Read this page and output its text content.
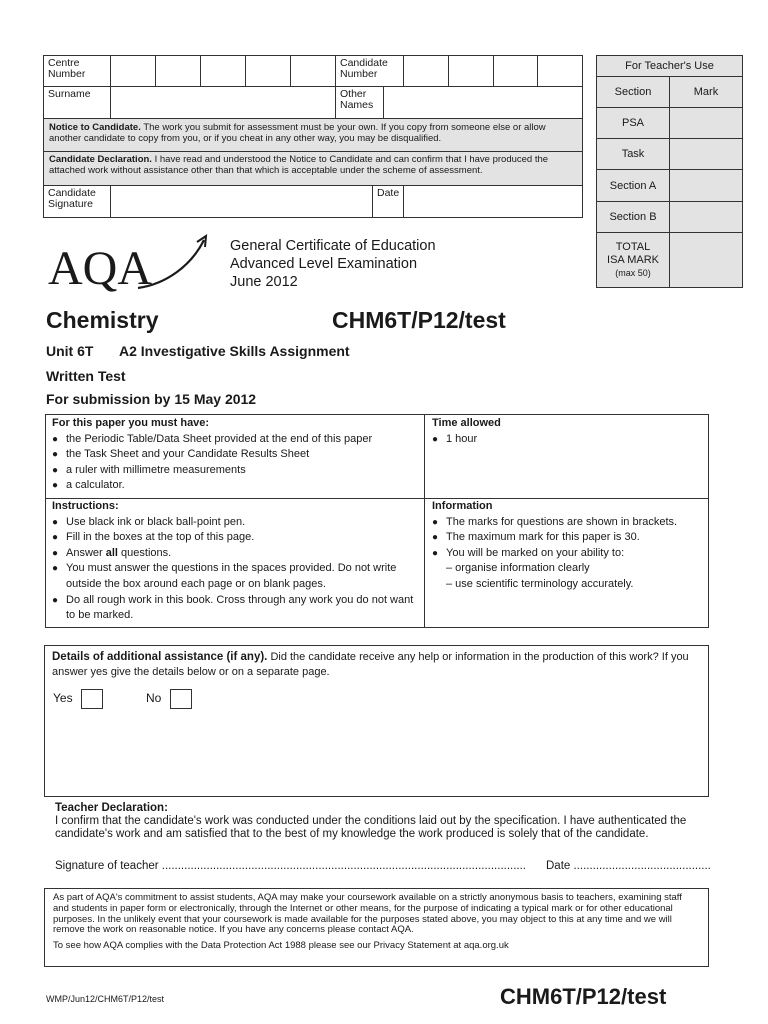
Centre Number
Candidate Number
Surname	Other Names
Notice to Candidate. The work you submit for assessment must be your own. If you copy from someone else or allow another candidate to copy from you, or if you cheat in any other way, you may be disqualified.
Candidate Declaration. I have read and understood the Notice to Candidate and can confirm that I have produced the attached work without assistance other than that which is acceptable under the scheme of assessment.
Candidate Signature
Date
For Teacher's Use
Section	Mark
PSA
Task
Section A
Section B
TOTAL
ISA MARK
(max 50)
AQA	General Certificate of Education
Advanced Level Examination
June 2012
Chemistry	CHM6T/P12/test
Unit 6T A2 Investigative Skills Assignment
Written Test
For submission by 15 May 2012
For this paper you must have:
● the Periodic Table/Data Sheet provided at the end of this paper
● the Task Sheet and your Candidate Results Sheet
● a ruler with millimetre measurements
● a calculator.
Time allowed
● 1 hour
Instructions:
● Use black ink or black ball-point pen.
● Fill in the boxes at the top of this page.
● Answer all questions.
● You must answer the questions in the spaces provided. Do not write outside the box around each page or on blank pages.
● Do all rough work in this book. Cross through any work you do not want to be marked.
Information
● The marks for questions are shown in brackets.
● The maximum mark for this paper is 30.
● You will be marked on your ability to:
– organise information clearly
– use scientific terminology accurately.
Details of additional assistance (if any). Did the candidate receive any help or information in the production of this work? If you answer yes give the details below or on a separate page.
Yes	No
Teacher Declaration:
I confirm that the candidate's work was conducted under the conditions laid out by the specification. I have authenticated the candidate's work and am satisfied that to the best of my knowledge the work produced is solely that of the candidate.
Signature of teacher .................................................................................................................. Date ...........................................
As part of AQA's commitment to assist students, AQA may make your coursework available on a strictly anonymous basis to teachers, examining staff and students in paper form or electronically, through the Internet or other means, for the purpose of indicating a typical mark or for other educational purposes. In the unlikely event that your coursework is made available for the purposes stated above, you may object to this at any time and we will remove the work on reasonable notice. If you have any concerns please contact AQA.
To see how AQA complies with the Data Protection Act 1988 please see our Privacy Statement at aqa.org.uk
WMP/Jun12/CHM6T/P12/test	CHM6T/P12/test
